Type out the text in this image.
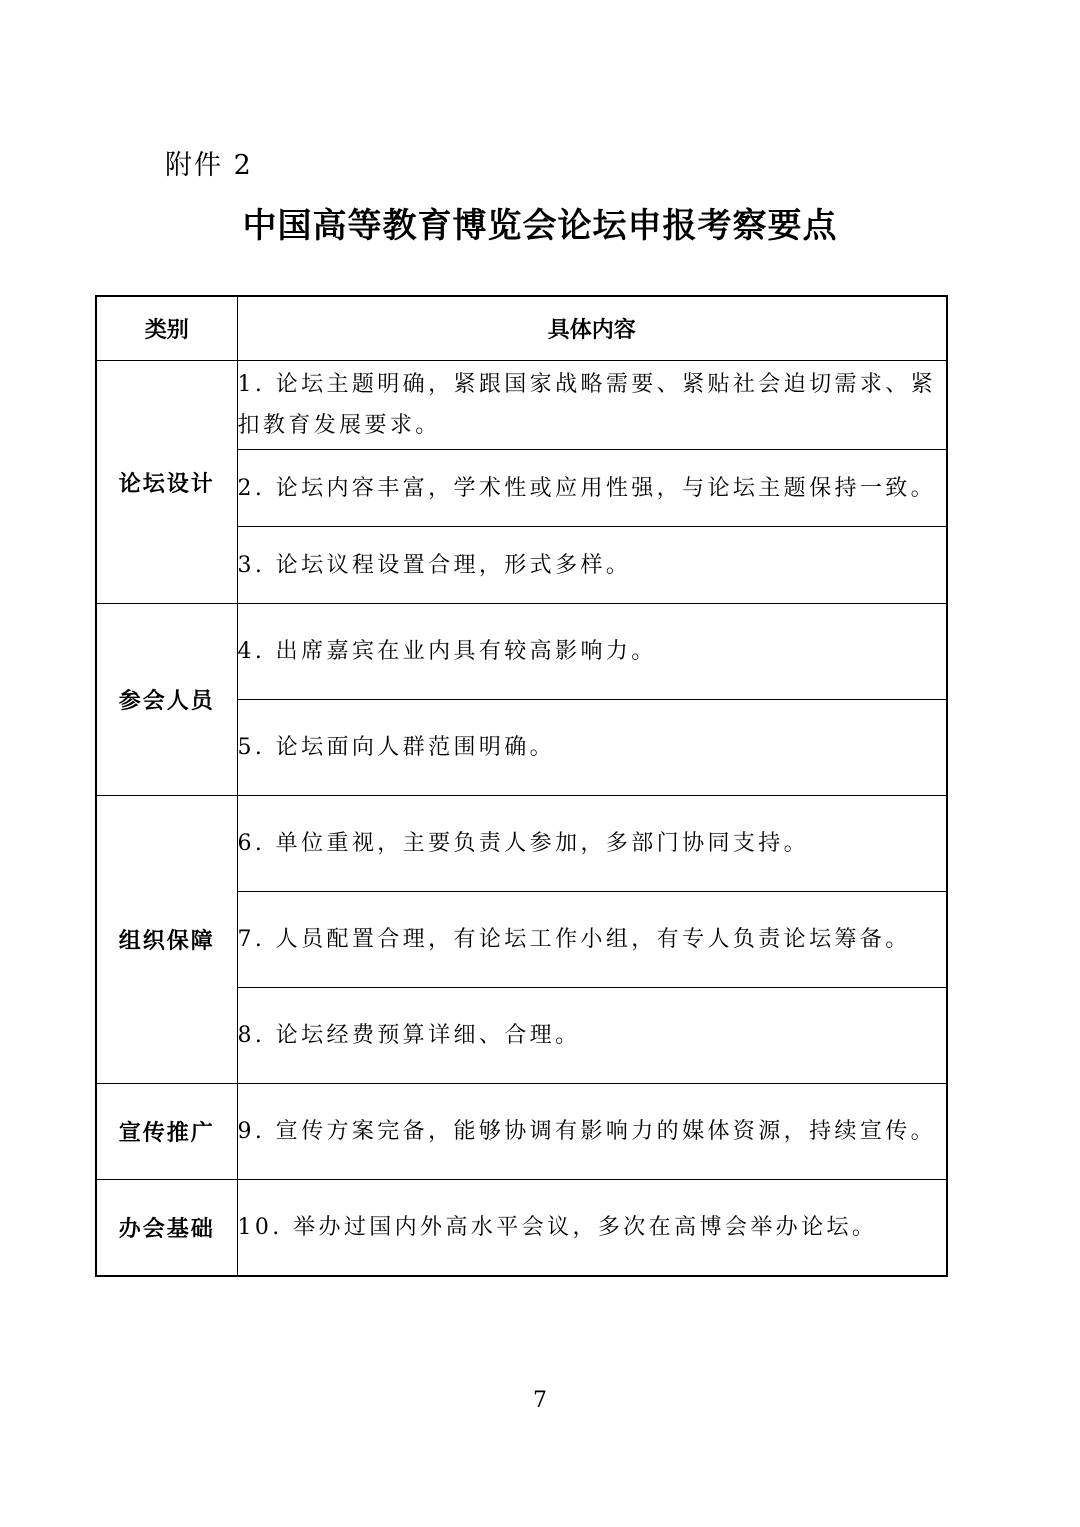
附件 2
中国高等教育博览会论坛申报考察要点
类别	具体内容
论坛设计	1. 论坛主题明确，紧跟国家战略需要、紧贴社会迫切需求、紧扣教育发展要求。
	2. 论坛内容丰富，学术性或应用性强，与论坛主题保持一致。
	3. 论坛议程设置合理，形式多样。
参会人员	4. 出席嘉宾在业内具有较高影响力。
	5. 论坛面向人群范围明确。
组织保障	6. 单位重视，主要负责人参加，多部门协同支持。
	7. 人员配置合理，有论坛工作小组，有专人负责论坛筹备。
	8. 论坛经费预算详细、合理。
宣传推广	9. 宣传方案完备，能够协调有影响力的媒体资源，持续宣传。
办会基础	10. 举办过国内外高水平会议，多次在高博会举办论坛。
7
